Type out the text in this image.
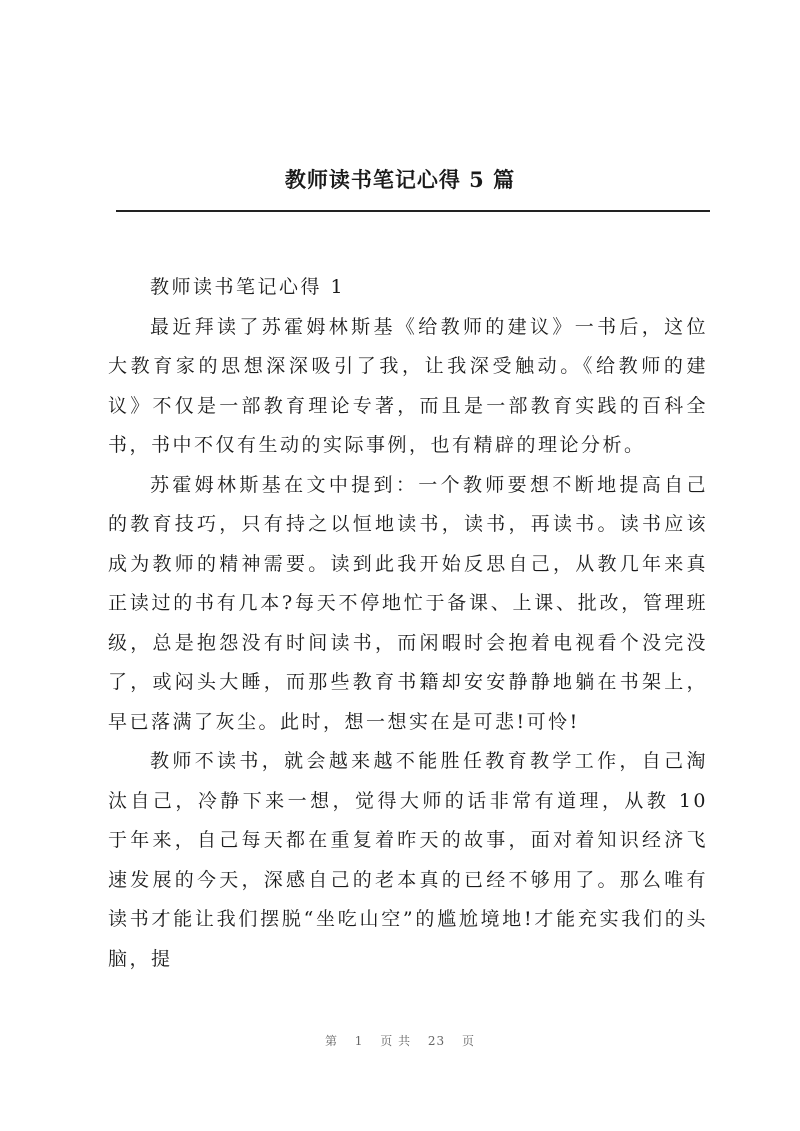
教师读书笔记心得 5 篇

教师读书笔记心得 1

最近拜读了苏霍姆林斯基《给教师的建议》一书后，这位大教育家的思想深深吸引了我，让我深受触动。《给教师的建议》不仅是一部教育理论专著，而且是一部教育实践的百科全书，书中不仅有生动的实际事例，也有精辟的理论分析。

苏霍姆林斯基在文中提到：一个教师要想不断地提高自己的教育技巧，只有持之以恒地读书，读书，再读书。读书应该成为教师的精神需要。读到此我开始反思自己，从教几年来真正读过的书有几本?每天不停地忙于备课、上课、批改，管理班级，总是抱怨没有时间读书，而闲暇时会抱着电视看个没完没了，或闷头大睡，而那些教育书籍却安安静静地躺在书架上，早已落满了灰尘。此时，想一想实在是可悲!可怜!

教师不读书，就会越来越不能胜任教育教学工作，自己淘汰自己，冷静下来一想，觉得大师的话非常有道理，从教 10 于年来，自己每天都在重复着昨天的故事，面对着知识经济飞速发展的今天，深感自己的老本真的已经不够用了。那么唯有读书才能让我们摆脱“坐吃山空”的尴尬境地!才能充实我们的头脑，提

第 1 页 共 23 页
